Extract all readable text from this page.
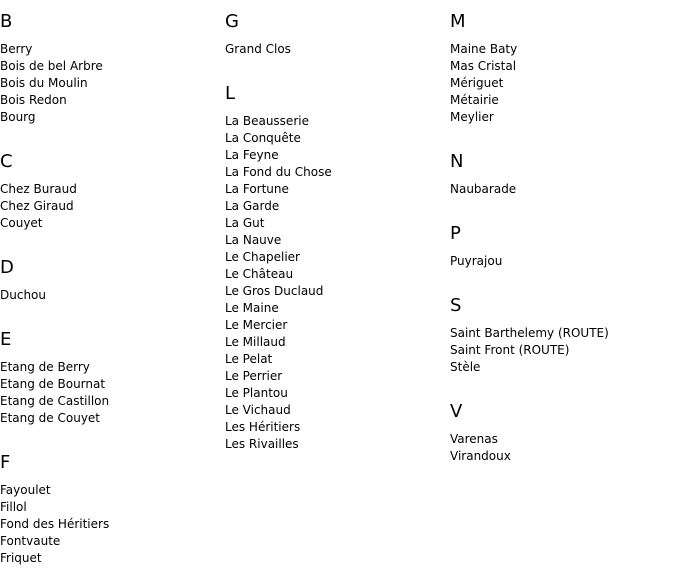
B
Berry
Bois de bel Arbre
Bois du Moulin
Bois Redon
Bourg
C
Chez Buraud
Chez Giraud
Couyet
D
Duchou
E
Etang de Berry
Etang de Bournat
Etang de Castillon
Etang de Couyet
F
Fayoulet
Fillol
Fond des Héritiers
Fontvaute
Friquet
G
Grand Clos
L
La Beausserie
La Conquête
La Feyne
La Fond du Chose
La Fortune
La Garde
La Gut
La Nauve
Le Chapelier
Le Château
Le Gros Duclaud
Le Maine
Le Mercier
Le Millaud
Le Pelat
Le Perrier
Le Plantou
Le Vichaud
Les Héritiers
Les Rivailles
M
Maine Baty
Mas Cristal
Mériguet
Métairie
Meylier
N
Naubarade
P
Puyrajou
S
Saint Barthelemy (ROUTE)
Saint Front (ROUTE)
Stèle
V
Varenas
Virandoux
